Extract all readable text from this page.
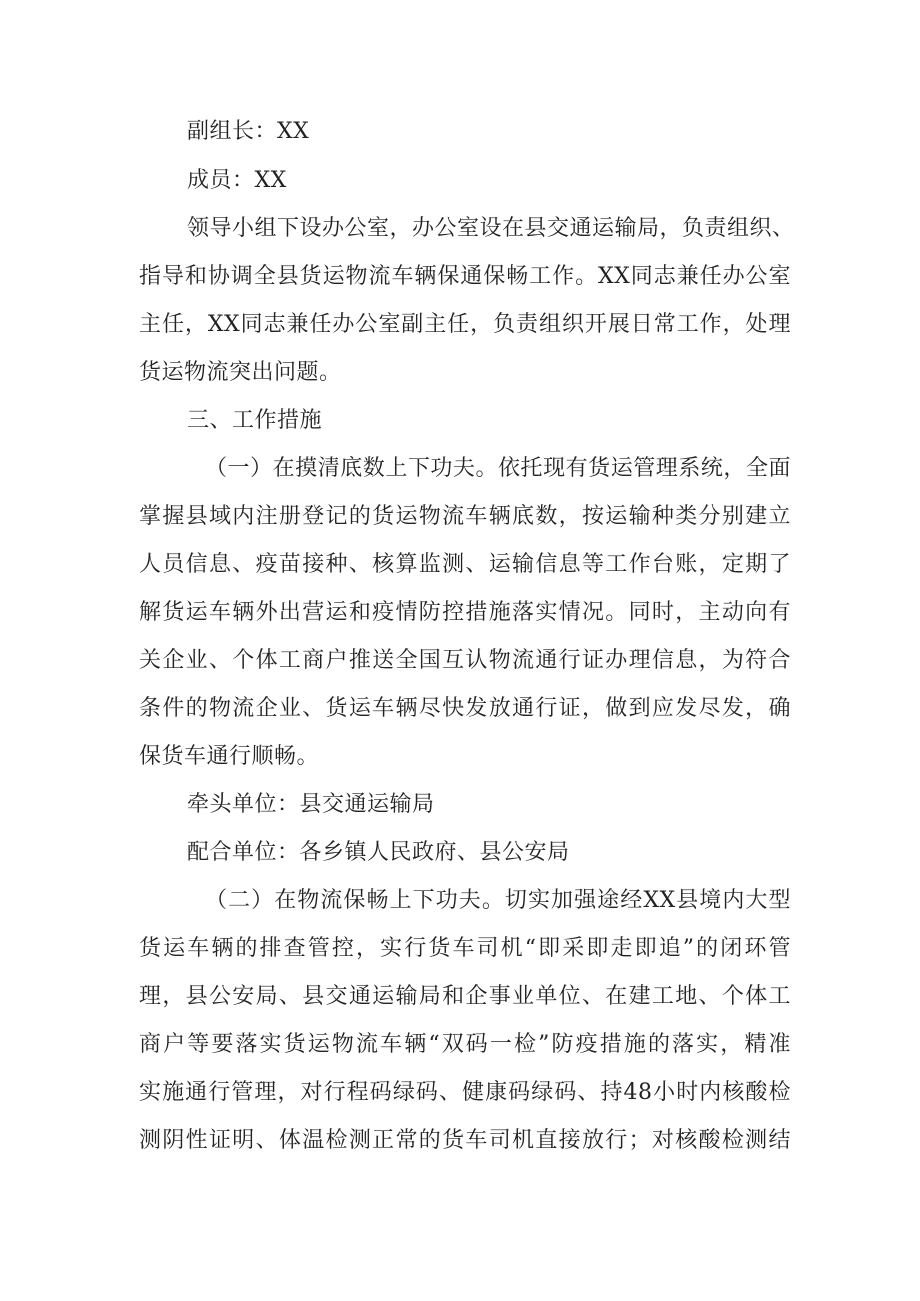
副组长：XX
成员：XX
领导小组下设办公室，办公室设在县交通运输局，负责组织、
指导和协调全县货运物流车辆保通保畅工作。XX同志兼任办公室
主任，XX同志兼任办公室副主任，负责组织开展日常工作，处理
货运物流突出问题。
三、工作措施
（一）在摸清底数上下功夫。依托现有货运管理系统，全面
掌握县域内注册登记的货运物流车辆底数，按运输种类分别建立
人员信息、疫苗接种、核算监测、运输信息等工作台账，定期了
解货运车辆外出营运和疫情防控措施落实情况。同时，主动向有
关企业、个体工商户推送全国互认物流通行证办理信息，为符合
条件的物流企业、货运车辆尽快发放通行证，做到应发尽发，确
保货车通行顺畅。
牵头单位：县交通运输局
配合单位：各乡镇人民政府、县公安局
（二）在物流保畅上下功夫。切实加强途经XX县境内大型
货运车辆的排查管控，实行货车司机“即采即走即追”的闭环管
理，县公安局、县交通运输局和企事业单位、在建工地、个体工
商户等要落实货运物流车辆“双码一检”防疫措施的落实，精准
实施通行管理，对行程码绿码、健康码绿码、持48小时内核酸检
测阴性证明、体温检测正常的货车司机直接放行；对核酸检测结
